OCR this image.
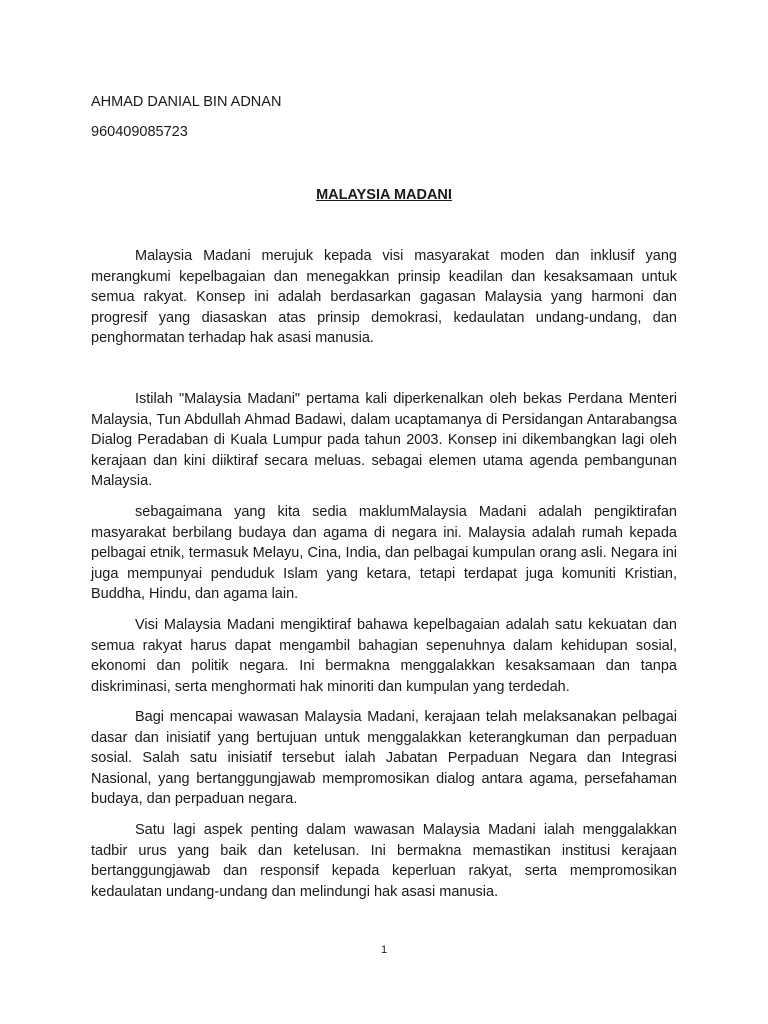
AHMAD DANIAL BIN ADNAN
960409085723
MALAYSIA MADANI

Malaysia Madani merujuk kepada visi masyarakat moden dan inklusif yang merangkumi kepelbagaian dan menegakkan prinsip keadilan dan kesaksamaan untuk semua rakyat. Konsep ini adalah berdasarkan gagasan Malaysia yang harmoni dan progresif yang diasaskan atas prinsip demokrasi, kedaulatan undang-undang, dan penghormatan terhadap hak asasi manusia.

Istilah "Malaysia Madani" pertama kali diperkenalkan oleh bekas Perdana Menteri Malaysia, Tun Abdullah Ahmad Badawi, dalam ucaptamanya di Persidangan Antarabangsa Dialog Peradaban di Kuala Lumpur pada tahun 2003. Konsep ini dikembangkan lagi oleh kerajaan dan kini diiktiraf secara meluas. sebagai elemen utama agenda pembangunan Malaysia.

sebagaimana yang kita sedia maklumMalaysia Madani adalah pengiktirafan masyarakat berbilang budaya dan agama di negara ini. Malaysia adalah rumah kepada pelbagai etnik, termasuk Melayu, Cina, India, dan pelbagai kumpulan orang asli. Negara ini juga mempunyai penduduk Islam yang ketara, tetapi terdapat juga komuniti Kristian, Buddha, Hindu, dan agama lain.

Visi Malaysia Madani mengiktiraf bahawa kepelbagaian adalah satu kekuatan dan semua rakyat harus dapat mengambil bahagian sepenuhnya dalam kehidupan sosial, ekonomi dan politik negara. Ini bermakna menggalakkan kesaksamaan dan tanpa diskriminasi, serta menghormati hak minoriti dan kumpulan yang terdedah.

Bagi mencapai wawasan Malaysia Madani, kerajaan telah melaksanakan pelbagai dasar dan inisiatif yang bertujuan untuk menggalakkan keterangkuman dan perpaduan sosial. Salah satu inisiatif tersebut ialah Jabatan Perpaduan Negara dan Integrasi Nasional, yang bertanggungjawab mempromosikan dialog antara agama, persefahaman budaya, dan perpaduan negara.

Satu lagi aspek penting dalam wawasan Malaysia Madani ialah menggalakkan tadbir urus yang baik dan ketelusan. Ini bermakna memastikan institusi kerajaan bertanggungjawab dan responsif kepada keperluan rakyat, serta mempromosikan kedaulatan undang-undang dan melindungi hak asasi manusia.

1
